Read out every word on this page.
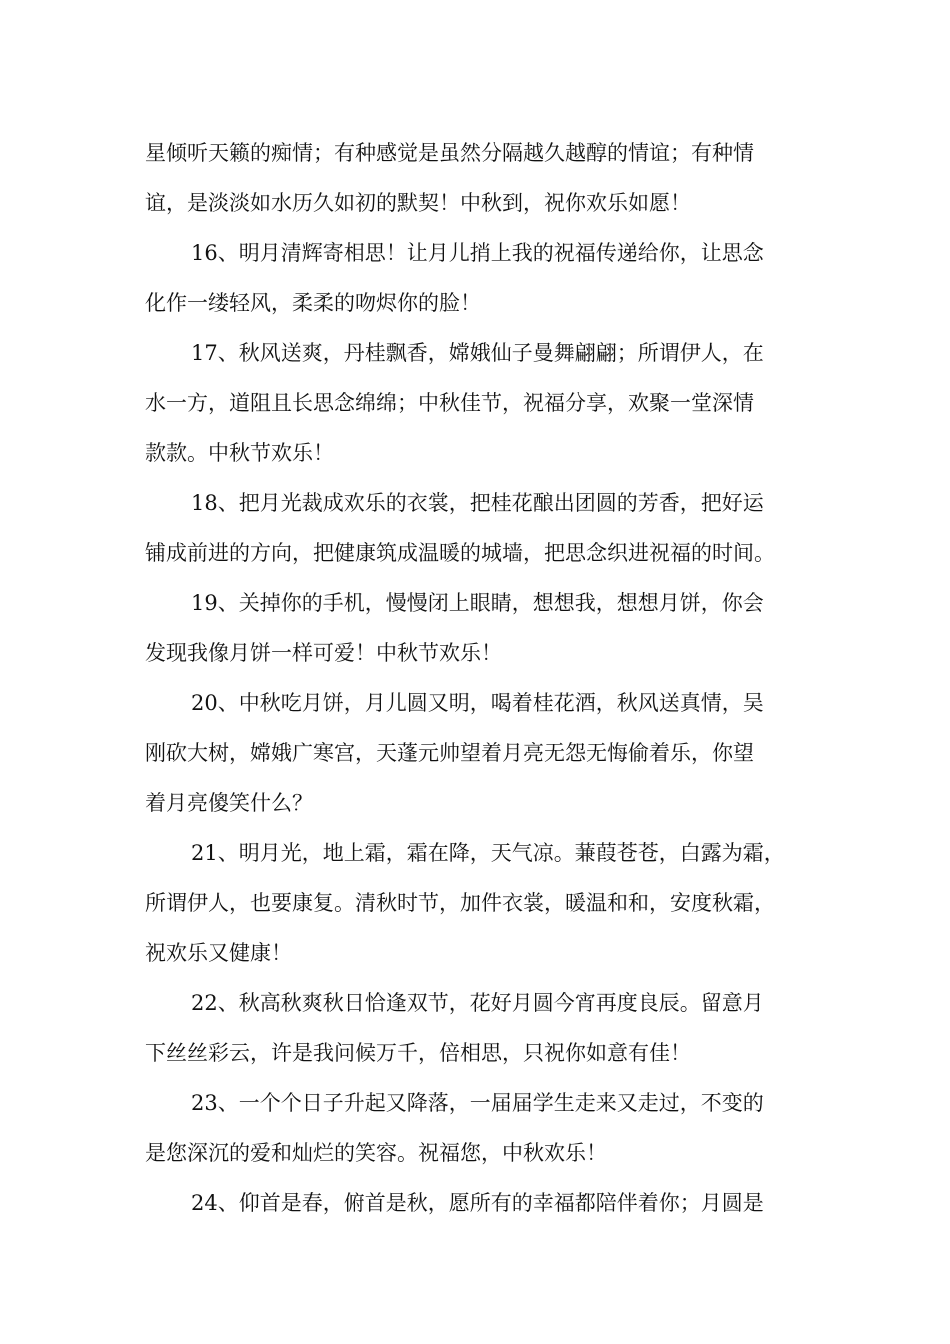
星倾听天籁的痴情；有种感觉是虽然分隔越久越醇的情谊；有种情
谊，是淡淡如水历久如初的默契！中秋到，祝你欢乐如愿！
16、明月清辉寄相思！让月儿捎上我的祝福传递给你，让思念
化作一缕轻风，柔柔的吻烬你的脸！
17、秋风送爽，丹桂飘香，嫦娥仙子曼舞翩翩；所谓伊人，在
水一方，道阻且长思念绵绵；中秋佳节，祝福分享，欢聚一堂深情
款款。中秋节欢乐！
18、把月光裁成欢乐的衣裳，把桂花酿出团圆的芳香，把好运
铺成前进的方向，把健康筑成温暖的城墙，把思念织进祝福的时间。
19、关掉你的手机，慢慢闭上眼睛，想想我，想想月饼，你会
发现我像月饼一样可爱！中秋节欢乐！
20、中秋吃月饼，月儿圆又明，喝着桂花酒，秋风送真情，吴
刚砍大树，嫦娥广寒宫，天蓬元帅望着月亮无怨无悔偷着乐，你望
着月亮傻笑什么？
21、明月光，地上霜，霜在降，天气凉。蒹葭苍苍，白露为霜，
所谓伊人，也要康复。清秋时节，加件衣裳，暖温和和，安度秋霜，
祝欢乐又健康！
22、秋高秋爽秋日恰逢双节，花好月圆今宵再度良辰。留意月
下丝丝彩云，许是我问候万千，倍相思，只祝你如意有佳！
23、一个个日子升起又降落，一届届学生走来又走过，不变的
是您深沉的爱和灿烂的笑容。祝福您，中秋欢乐！
24、仰首是春，俯首是秋，愿所有的幸福都陪伴着你；月圆是
